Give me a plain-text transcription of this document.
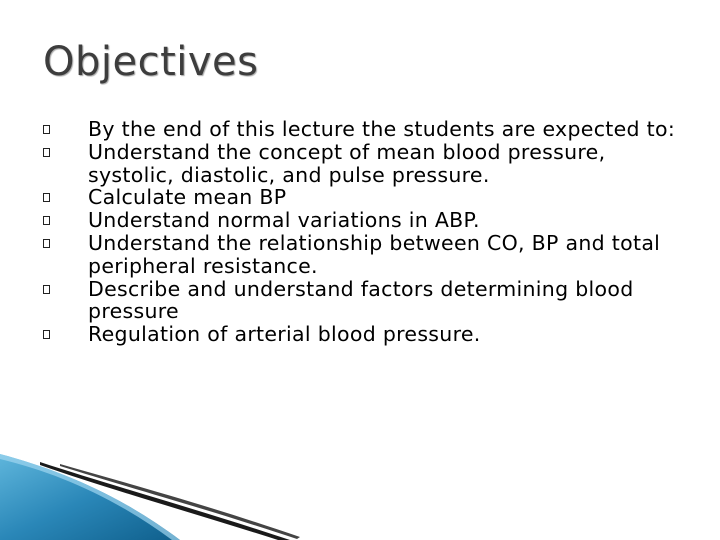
Objectives
By the end of this lecture the students are expected to:
Understand the concept of mean blood pressure, systolic, diastolic, and pulse pressure.
Calculate mean BP
Understand normal variations in ABP.
Understand the relationship between CO, BP and total peripheral resistance.
Describe and understand factors determining blood pressure
Regulation of arterial blood pressure.
